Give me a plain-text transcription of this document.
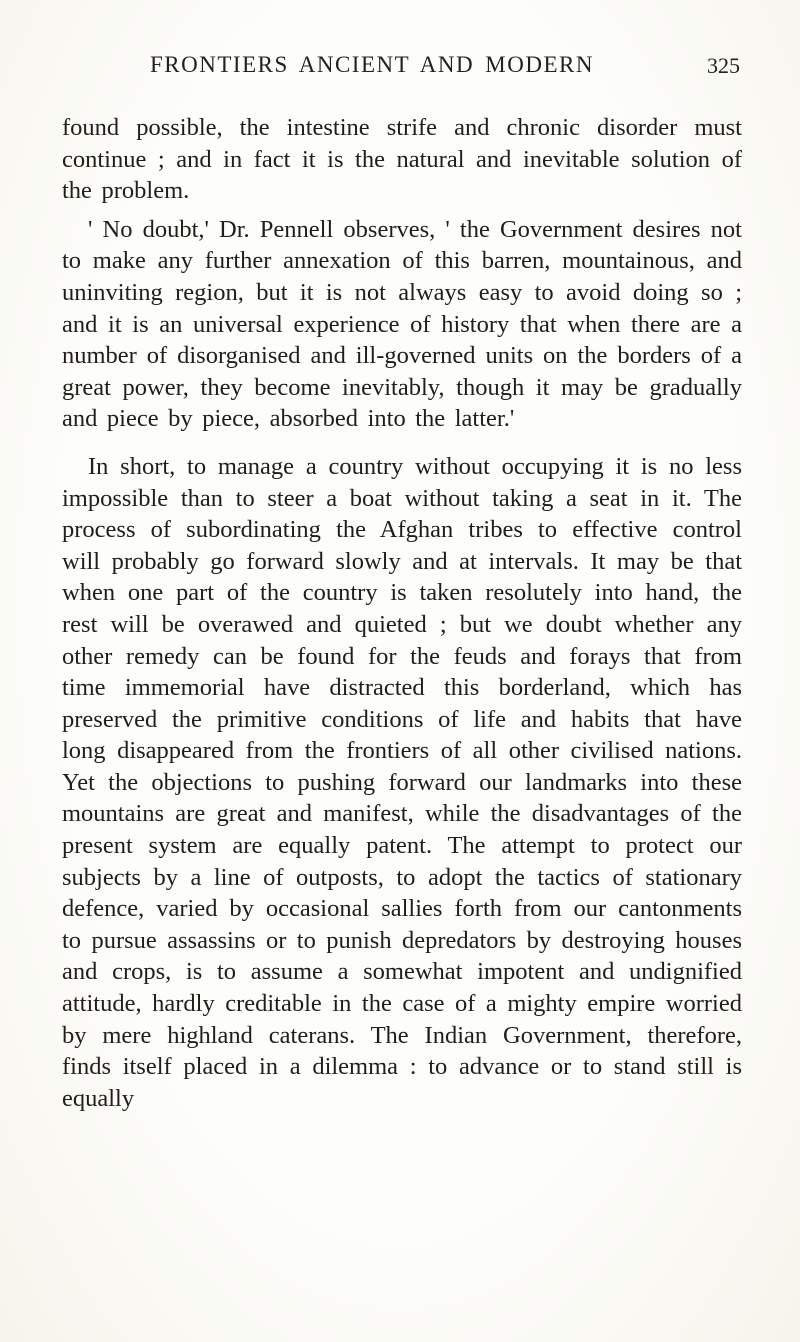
FRONTIERS ANCIENT AND MODERN	325

found possible, the intestine strife and chronic disorder must continue ; and in fact it is the natural and inevitable solution of the problem.

' No doubt,' Dr. Pennell observes, ' the Government desires not to make any further annexation of this barren, mountainous, and uninviting region, but it is not always easy to avoid doing so ; and it is an universal experience of history that when there are a number of disorganised and ill-governed units on the borders of a great power, they become inevitably, though it may be gradually and piece by piece, absorbed into the latter.'

In short, to manage a country without occupying it is no less impossible than to steer a boat without taking a seat in it. The process of subordinating the Afghan tribes to effective control will probably go forward slowly and at intervals. It may be that when one part of the country is taken resolutely into hand, the rest will be overawed and quieted ; but we doubt whether any other remedy can be found for the feuds and forays that from time immemorial have distracted this borderland, which has preserved the primitive conditions of life and habits that have long disappeared from the frontiers of all other civilised nations. Yet the objections to pushing forward our landmarks into these mountains are great and manifest, while the disadvantages of the present system are equally patent. The attempt to protect our subjects by a line of outposts, to adopt the tactics of stationary defence, varied by occasional sallies forth from our cantonments to pursue assassins or to punish depredators by destroying houses and crops, is to assume a somewhat impotent and undignified attitude, hardly creditable in the case of a mighty empire worried by mere highland caterans. The Indian Government, therefore, finds itself placed in a dilemma : to advance or to stand still is equally
